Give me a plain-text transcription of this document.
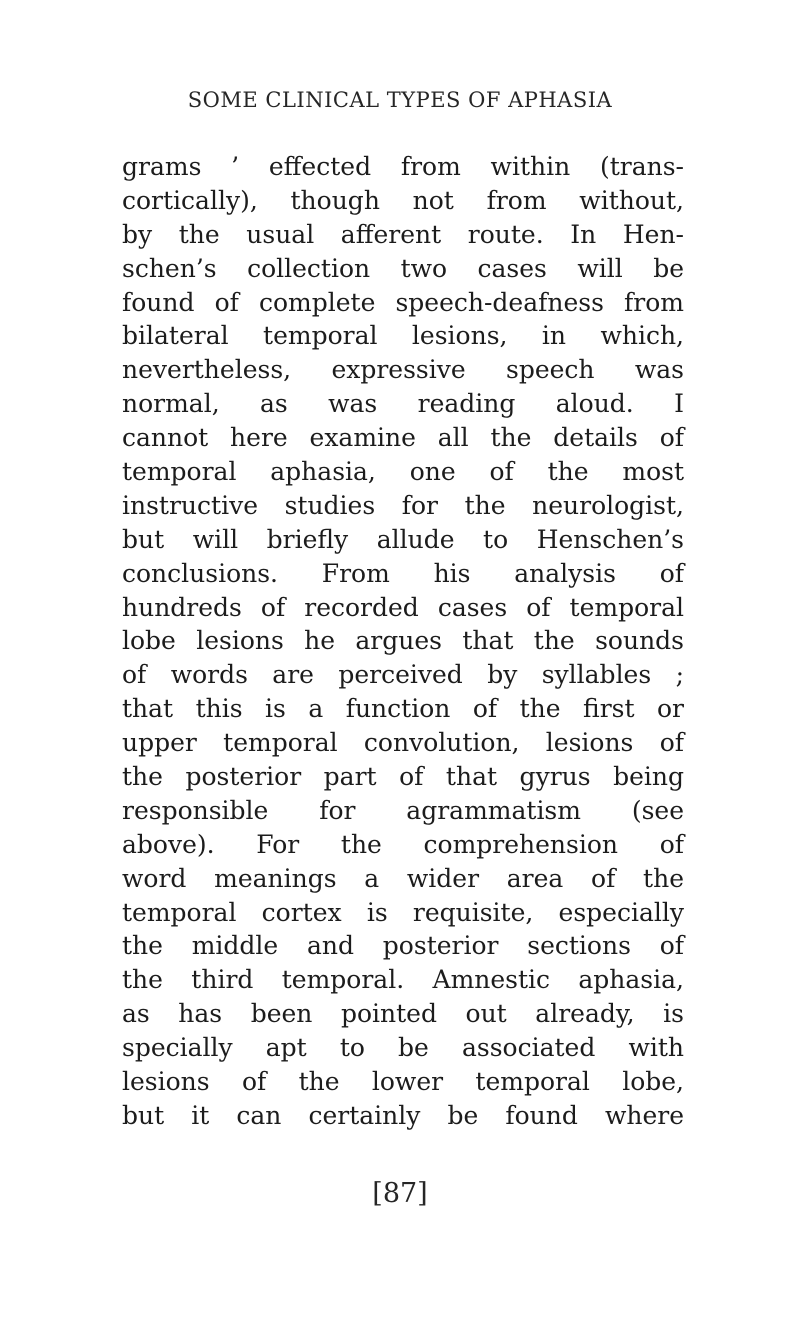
SOME CLINICAL TYPES OF APHASIA
grams ’ effected from within (trans-
cortically), though not from without,
by the usual afferent route. In Hen-
schen’s collection two cases will be
found of complete speech-deafness from
bilateral temporal lesions, in which,
nevertheless, expressive speech was
normal, as was reading aloud. I
cannot here examine all the details of
temporal aphasia, one of the most
instructive studies for the neurologist,
but will briefly allude to Henschen’s
conclusions. From his analysis of
hundreds of recorded cases of temporal
lobe lesions he argues that the sounds
of words are perceived by syllables ;
that this is a function of the first or
upper temporal convolution, lesions of
the posterior part of that gyrus being
responsible for agrammatism (see
above). For the comprehension of
word meanings a wider area of the
temporal cortex is requisite, especially
the middle and posterior sections of
the third temporal. Amnestic aphasia,
as has been pointed out already, is
specially apt to be associated with
lesions of the lower temporal lobe,
but it can certainly be found where
[87]
